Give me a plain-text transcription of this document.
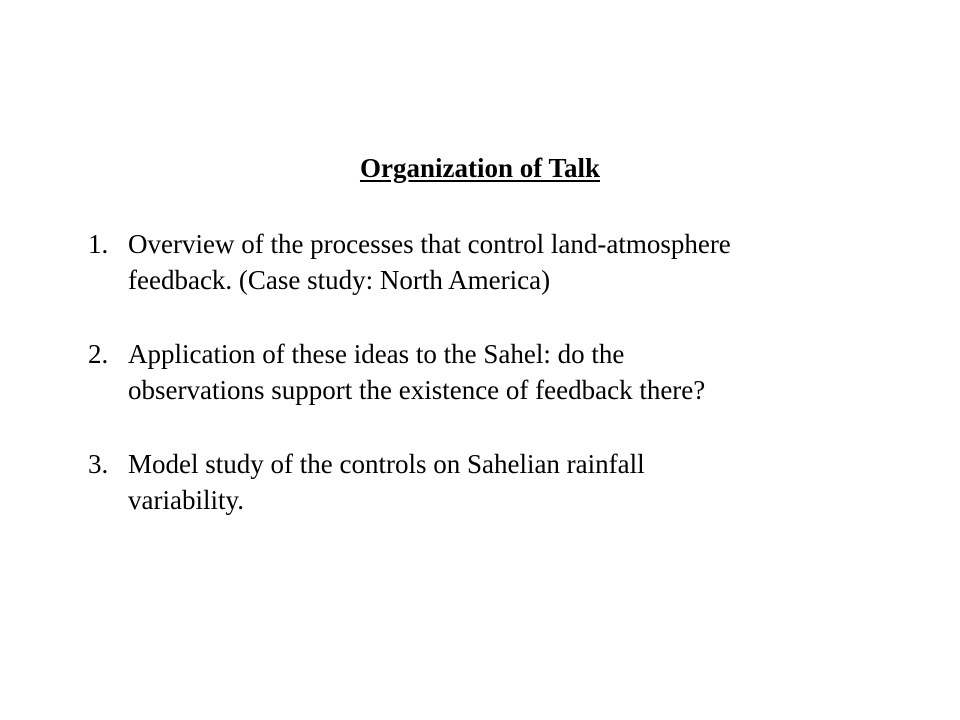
Organization of Talk
1. Overview of the processes that control land-atmosphere
feedback. (Case study: North America)
2. Application of these ideas to the Sahel: do the
observations support the existence of feedback there?
3. Model study of the controls on Sahelian rainfall
variability.
